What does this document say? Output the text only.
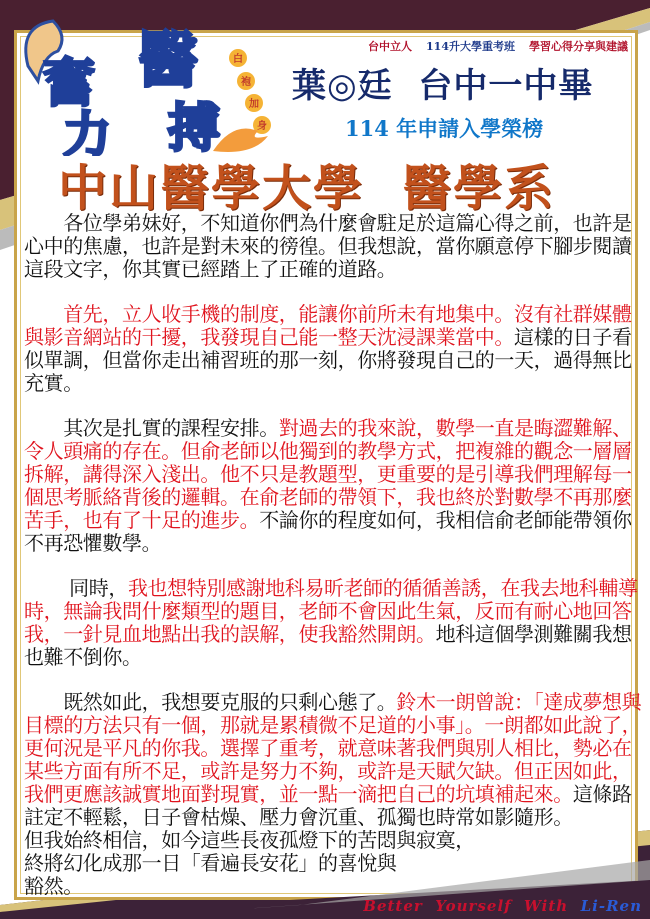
奮
力
醫
搏
白
袍
加
身
台中立人 114升大學重考班 學習心得分享與建議
葉◎廷  台中一中畢
114 年申請入學榮榜
中山醫學大學  醫學系
　　各位學弟妹好，不知道你們為什麼會駐足於這篇心得之前，也許是
心中的焦慮，也許是對未來的徬徨。但我想說，當你願意停下腳步閱讀
這段文字，你其實已經踏上了正確的道路。
　　首先，立人收手機的制度，能讓你前所未有地集中。沒有社群媒體
與影音網站的干擾，我發現自己能一整天沈浸課業當中。這樣的日子看
似單調，但當你走出補習班的那一刻，你將發現自己的一天，過得無比
充實。
　　其次是扎實的課程安排。對過去的我來說，數學一直是晦澀難解、
令人頭痛的存在。但俞老師以他獨到的教學方式，把複雜的觀念一層層
拆解，講得深入淺出。他不只是教題型，更重要的是引導我們理解每一
個思考脈絡背後的邏輯。在俞老師的帶領下，我也終於對數學不再那麼
苦手，也有了十足的進步。不論你的程度如何，我相信俞老師能帶領你
不再恐懼數學。
　　 同時，我也想特別感謝地科易昕老師的循循善誘，在我去地科輔導
時，無論我問什麼類型的題目，老師不會因此生氣，反而有耐心地回答
我，一針見血地點出我的誤解，使我豁然開朗。地科這個學測難關我想
也難不倒你。
　　既然如此，我想要克服的只剩心態了。鈴木一朗曾說：「達成夢想與
目標的方法只有一個，那就是累積微不足道的小事」。一朗都如此說了，
更何況是平凡的你我。選擇了重考，就意味著我們與別人相比，勢必在
某些方面有所不足，或許是努力不夠，或許是天賦欠缺。但正因如此，
我們更應該誠實地面對現實，並一點一滴把自己的坑填補起來。這條路
註定不輕鬆，日子會枯燥、壓力會沉重、孤獨也時常如影隨形。
但我始終相信，如今這些長夜孤燈下的苦悶與寂寞，
終將幻化成那一日「看遍長安花」的喜悅與
豁然。
Better  Yourself  With  Li-Ren
